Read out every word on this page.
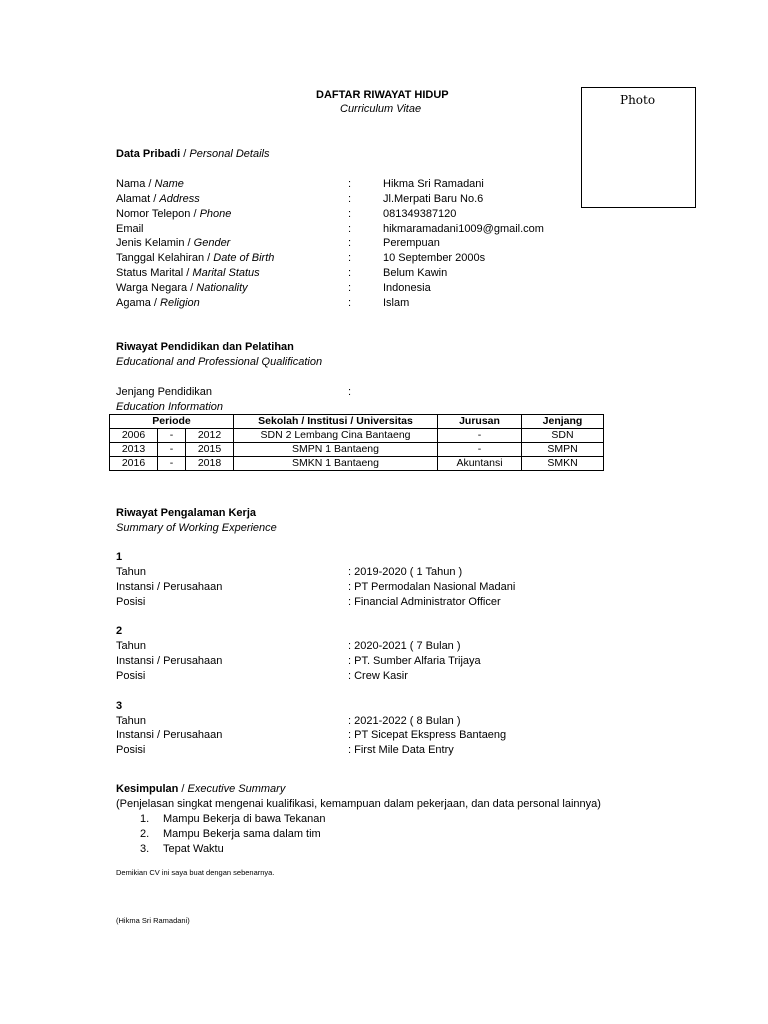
DAFTAR RIWAYAT HIDUP
Curriculum Vitae
Photo
Data Pribadi / Personal Details
Nama / Name	:	Hikma Sri Ramadani
Alamat / Address	:	Jl.Merpati Baru No.6
Nomor Telepon / Phone	:	081349387120
Email	:	hikmaramadani1009@gmail.com
Jenis Kelamin / Gender	:	Perempuan
Tanggal Kelahiran / Date of Birth	:	10 September 2000s
Status Marital / Marital Status	:	Belum Kawin
Warga Negara / Nationality	:	Indonesia
Agama / Religion	:	Islam
Riwayat Pendidikan dan Pelatihan
Educational and Professional Qualification
Jenjang Pendidikan	:
Education Information
Periode			Sekolah / Institusi / Universitas	Jurusan	Jenjang
2006	-	2012	SDN 2 Lembang Cina Bantaeng	-	SDN
2013	-	2015	SMPN 1 Bantaeng	-	SMPN
2016	-	2018	SMKN 1 Bantaeng	Akuntansi	SMKN
Riwayat Pengalaman Kerja
Summary of Working Experience
1
Tahun	: 2019-2020 ( 1 Tahun )
Instansi / Perusahaan	: PT Permodalan Nasional Madani
Posisi	: Financial Administrator Officer
2
Tahun	: 2020-2021 ( 7 Bulan )
Instansi / Perusahaan	: PT. Sumber Alfaria Trijaya
Posisi	: Crew Kasir
3
Tahun	: 2021-2022 ( 8 Bulan )
Instansi / Perusahaan	: PT Sicepat Ekspress Bantaeng
Posisi	: First Mile Data Entry
Kesimpulan / Executive Summary
(Penjelasan singkat mengenai kualifikasi, kemampuan dalam pekerjaan, dan data personal lainnya)
1. Mampu Bekerja di bawa Tekanan
2. Mampu Bekerja sama dalam tim
3. Tepat Waktu
Demikian CV ini saya buat dengan sebenarnya.
(Hikma Sri Ramadani)
